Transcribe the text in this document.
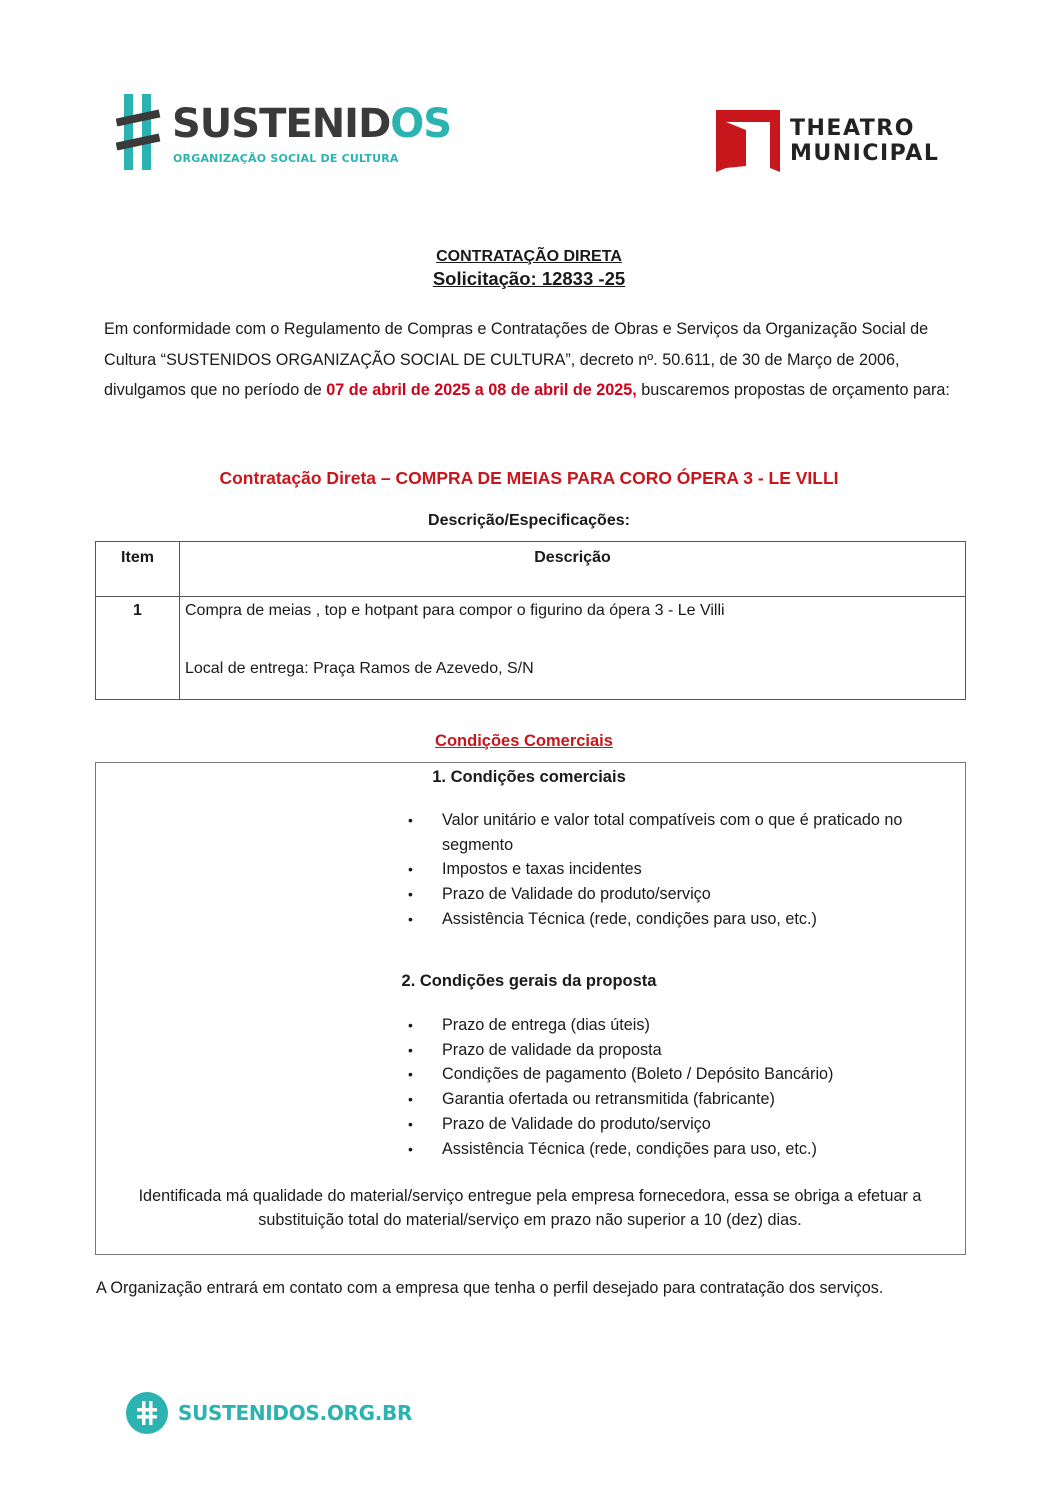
SUSTENIDOS
ORGANIZAÇÃO SOCIAL DE CULTURA
THEATRO
MUNICIPAL
CONTRATAÇÃO DIRETA
Solicitação: 12833 -25
Em conformidade com o Regulamento de Compras e Contratações de Obras e Serviços da Organização Social de Cultura “SUSTENIDOS ORGANIZAÇÃO SOCIAL DE CULTURA”, decreto nº. 50.611, de 30 de Março de 2006, divulgamos que no período de 07 de abril de 2025 a 08 de abril de 2025, buscaremos propostas de orçamento para:
Contratação Direta – COMPRA DE MEIAS PARA CORO ÓPERA 3 - LE VILLI
Descrição/Especificações:
Item	Descrição
1	Compra de meias , top e hotpant para compor o figurino da ópera 3 - Le Villi
Local de entrega: Praça Ramos de Azevedo, S/N
Condições Comerciais
1. Condições comerciais
• Valor unitário e valor total compatíveis com o que é praticado no segmento
• Impostos e taxas incidentes
• Prazo de Validade do produto/serviço
• Assistência Técnica (rede, condições para uso, etc.)
2. Condições gerais da proposta
• Prazo de entrega (dias úteis)
• Prazo de validade da proposta
• Condições de pagamento (Boleto / Depósito Bancário)
• Garantia ofertada ou retransmitida (fabricante)
• Prazo de Validade do produto/serviço
• Assistência Técnica (rede, condições para uso, etc.)
Identificada má qualidade do material/serviço entregue pela empresa fornecedora, essa se obriga a efetuar a substituição total do material/serviço em prazo não superior a 10 (dez) dias.
A Organização entrará em contato com a empresa que tenha o perfil desejado para contratação dos serviços.
SUSTENIDOS.ORG.BR
